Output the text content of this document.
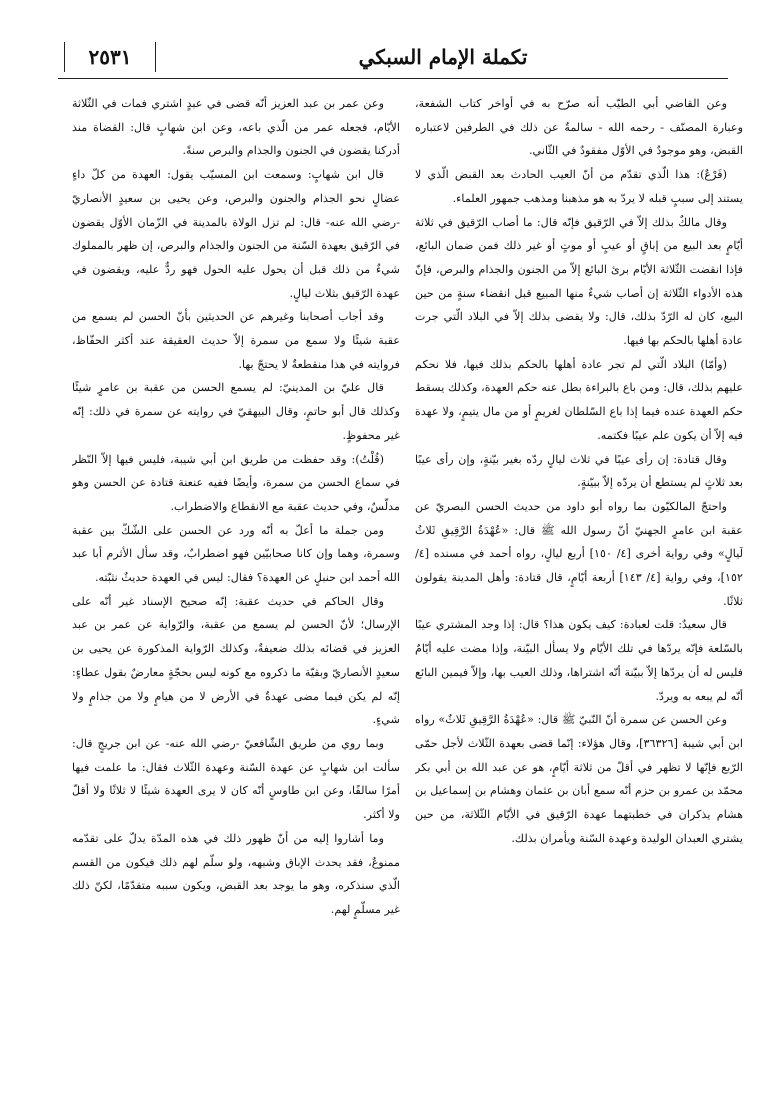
٢٥٣١	تكملة الإمام السبكي

وعن القاضي أبي الطيّب أنه صرّح به في أواخر كتاب الشفعة، وعبارة المصنّف - رحمه الله - سالمةٌ عن ذلك في الطرفين لاعتباره القبض، وهو موجودٌ في الأوّل مفقودٌ في الثّاني.

(فَرْعٌ): هذا الّذي تقدّم من أنّ العيب الحادث بعد القبض الّذي لا يستند إلى سببٍ قبله لا يردّ به هو مذهبنا ومذهب جمهور العلماء.

وقال مالكٌ بذلك إلاّ في الرّقيق فإنّه قال: ما أصاب الرّقيق في ثلاثة أيّامٍ بعد البيع من إباقٍ أو عيبٍ أو موتٍ أو غير ذلك فمن ضمان البائع، فإذا انقضت الثّلاثة الأيّام برئ البائع إلاّ من الجنون والجذام والبرص، فإنّ هذه الأدواء الثّلاثة إن أصاب شيءٌ منها المبيع قبل انقضاء سنةٍ من حين البيع، كان له الرّدّ بذلك، قال: ولا يقضى بذلك إلاّ في البلاد الّتي جرت عادة أهلها بالحكم بها فيها.

(وأمّا) البلاد الّتي لم تجر عادة أهلها بالحكم بذلك فيها، فلا نحكم عليهم بذلك، قال: ومن باع بالبراءة بطل عنه حكم العهدة، وكذلك يسقط حكم العهدة عنده فيما إذا باع السّلطان لغريمٍ أو من مال يتيمٍ، ولا عهدة فيه إلاّ أن يكون علم عيبًا فكتمه.

وقال قتادة: إن رأى عيبًا في ثلاث ليالٍ ردّه بغير بيّنةٍ، وإن رأى عيبًا بعد ثلاثٍ لم يستطع أن يردّه إلاّ ببيّنةٍ.

واحتجّ المالكيّون بما رواه أبو داود من حديث الحسن البصريّ عن عقبة ابن عامرٍ الجهنيّ أنّ رسول الله ﷺ قال: «عُهْدَةُ الرَّقِيقِ ثَلاثُ لَيالٍ» وفي رواية أخرى [٤/ ١٥٠] أربع ليالٍ، رواه أحمد في مسنده [٤/ ١٥٢]، وفي رواية [٤/ ١٤٣] أربعة أيّامٍ، قال قتادة: وأهل المدينة يقولون ثلاثًا.

قال سعيدٌ: قلت لعبادة: كيف يكون هذا؟ قال: إذا وجد المشتري عيبًا بالسّلعة فإنّه يردّها في تلك الأيّام ولا يسأل البيّنة، وإذا مضت عليه أيّامٌ فليس له أن يردّها إلاّ ببيّنة أنّه اشتراها، وذلك العيب بها، وإلاّ فيمين البائع أنّه لم يبعه به ويردّ.

وعن الحسن عن سمرة أنّ النّبيّ ﷺ قال: «عُهْدَةُ الرَّقِيقِ ثَلاثٌ» رواه ابن أبي شيبة [٣٦٣٢٦]، وقال هؤلاء: إنّما قضى بعهدة الثّلاث لأجل حمّى الرّبع فإنّها لا تظهر في أقلّ من ثلاثة أيّامٍ، هو عن عبد الله بن أبي بكر محمّد بن عمرو بن حزم أنّه سمع أبان بن عثمان وهشام بن إسماعيل بن هشام يذكران في خطبتهما عهدة الرّقيق في الأيّام الثّلاثة، من حين يشتري العبدان الوليدة وعهدة السّنة ويأمران بذلك.

وعن عمر بن عبد العزيز أنّه قضى في عبدٍ اشتري فمات في الثّلاثة الأيّام، فجعله عمر من الّذي باعه، وعن ابن شهابٍ قال: القضاة منذ أدركنا يقضون في الجنون والجذام والبرص سنةً.

قال ابن شهابٍ: وسمعت ابن المسيّب يقول: العهدة من كلّ داءٍ عضالٍ نحو الجذام والجنون والبرص، وعن يحيى بن سعيدٍ الأنصاريّ -رضي الله عنه- قال: لم تزل الولاة بالمدينة في الزّمان الأوّل يقضون في الرّقيق بعهدة السّنة من الجنون والجذام والبرص، إن ظهر بالمملوك شيءٌ من ذلك قبل أن يحول عليه الحول فهو ردٌّ عليه، ويقضون في عهدة الرّقيق بثلاث ليالٍ.

وقد أجاب أصحابنا وغيرهم عن الحديثين بأنّ الحسن لم يسمع من عقبة شيئًا ولا سمع من سمرة إلاّ حديث العقيقة عند أكثر الحفّاظ، فروايته في هذا منقطعةٌ لا يحتجّ بها.

قال عليّ بن المدينيّ: لم يسمع الحسن من عقبة بن عامرٍ شيئًا وكذلك قال أبو حاتمٍ، وقال البيهقيّ في روايته عن سمرة في ذلك: إنّه غير محفوظٍ.

(قُلْتُ): وقد حفظت من طريق ابن أبي شيبة، فليس فيها إلاّ النّظر في سماع الحسن من سمرة، وأيضًا ففيه عنعنة قتادة عن الحسن وهو مدلّسٌ، وفي حديث عقبة مع الانقطاع والاضطراب.

ومن جملة ما أعلّ به أنّه ورد عن الحسن على الشّكّ بين عقبة وسمرة، وهما وإن كانا صحابيّين فهو اضطرابٌ، وقد سأل الأثرم أبا عبد الله أحمد ابن حنبلٍ عن العهدة؟ فقال: ليس في العهدة حديثٌ نثبّته.

وقال الحاكم في حديث عقبة: إنّه صحيح الإسناد غير أنّه على الإرسال؛ لأنّ الحسن لم يسمع من عقبة، والرّواية عن عمر بن عبد العزيز في قضائه بذلك ضعيفةٌ، وكذلك الرّواية المذكورة عن يحيى بن سعيدٍ الأنصاريّ وبقيّة ما ذكروه مع كونه ليس بحجّةٍ معارضٌ بقول عطاءٍ: إنّه لم يكن فيما مضى عهدةٌ في الأرض لا من هيامٍ ولا من جذامٍ ولا شيءٍ.

وبما روي من طريق الشّافعيّ -رضي الله عنه- عن ابن جريجٍ قال: سألت ابن شهابٍ عن عهدة السّنة وعهدة الثّلاث فقال: ما علمت فيها أمرًا سالفًا، وعن ابن طاوسٍ أنّه كان لا يرى العهدة شيئًا لا ثلاثًا ولا أقلّ ولا أكثر.

وما أشاروا إليه من أنّ ظهور ذلك في هذه المدّة يدلّ على تقدّمه ممنوعٌ، فقد يحدث الإباق وشبهه، ولو سلّم لهم ذلك فيكون من القسم الّذي سنذكره، وهو ما يوجد بعد القبض، ويكون سببه متقدّمًا، لكنّ ذلك غير مسلّمٍ لهم.
